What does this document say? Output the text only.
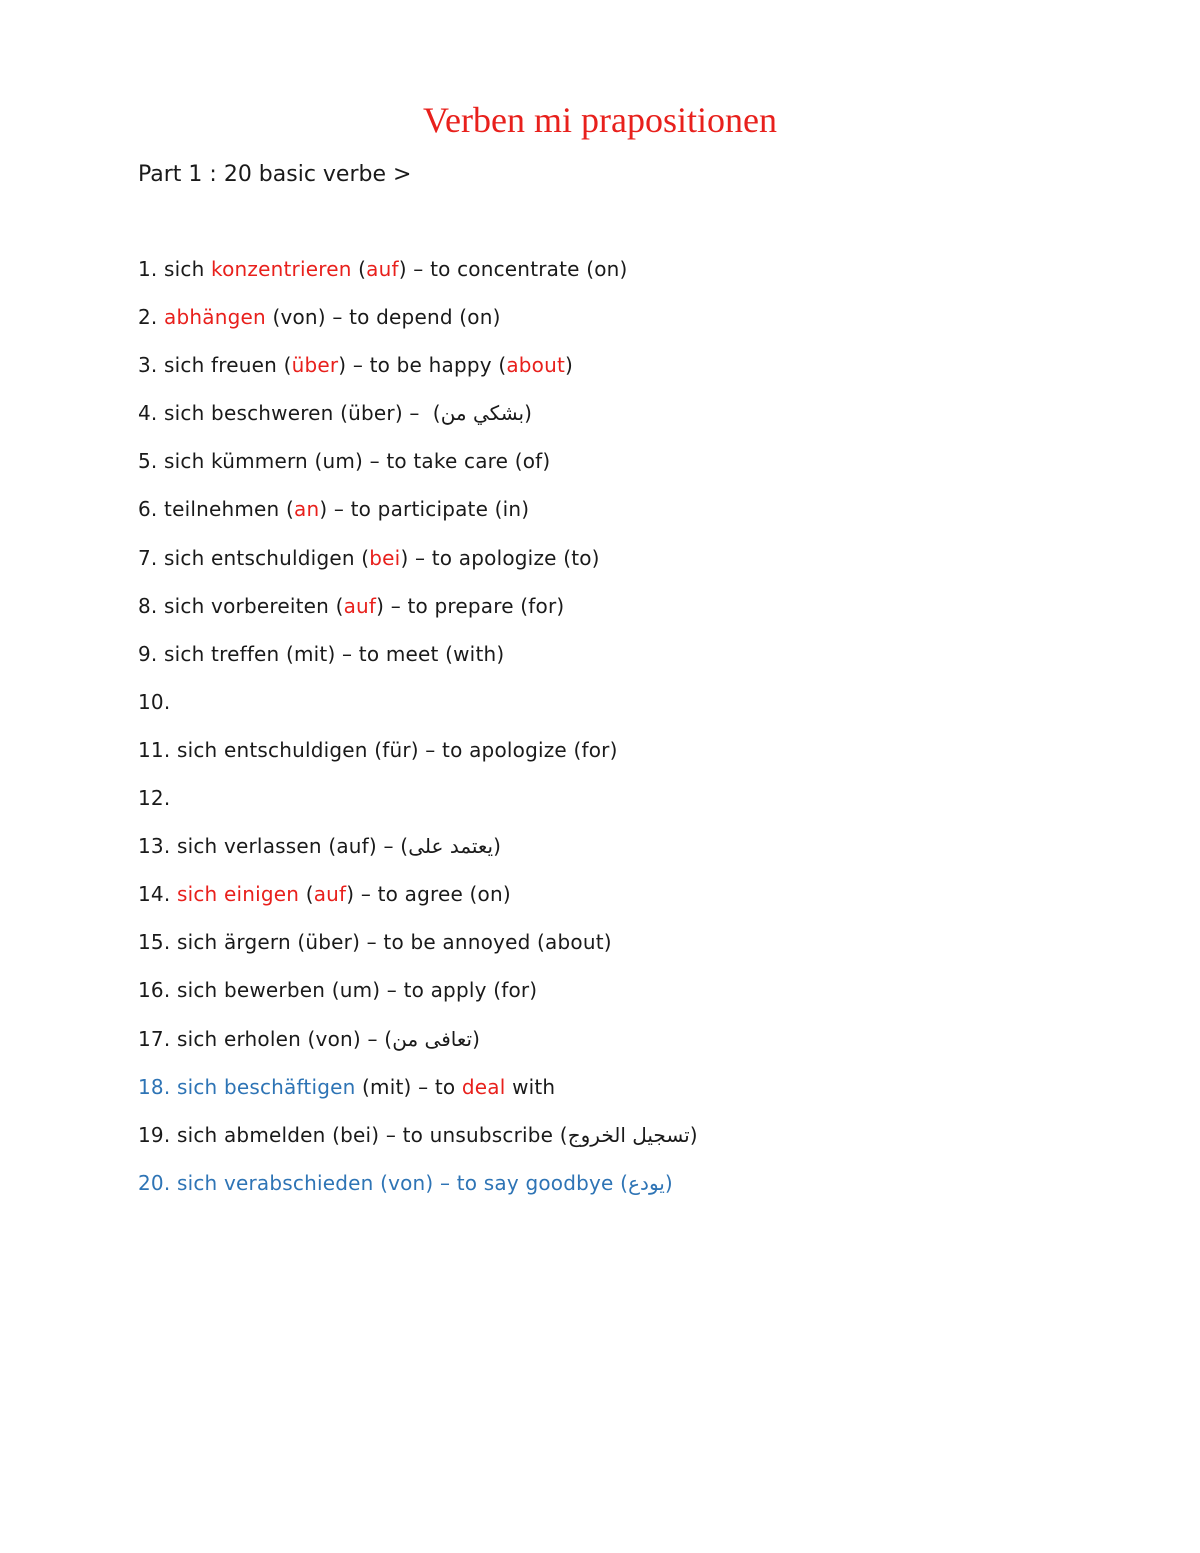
Verben mi prapositionen
Part 1 : 20 basic verbe >
1. sich konzentrieren (auf) – to concentrate (on)
2. abhängen (von) – to depend (on)
3. sich freuen (über) – to be happy (about)
4. sich beschweren (über) –  (‫بشكي من‬)
5. sich kümmern (um) – to take care (of)
6. teilnehmen (an) – to participate (in)
7. sich entschuldigen (bei) – to apologize (to)
8. sich vorbereiten (auf) – to prepare (for)
9. sich treffen (mit) – to meet (with)
10.
11. sich entschuldigen (für) – to apologize (for)
12.
13. sich verlassen (auf) – (‫يعتمد على‬)
14. sich einigen (auf) – to agree (on)
15. sich ärgern (über) – to be annoyed (about)
16. sich bewerben (um) – to apply (for)
17. sich erholen (von) – (‫تعافى من‬)
18. sich beschäftigen (mit) – to deal with
19. sich abmelden (bei) – to unsubscribe (‫تسجيل الخروج‬)
20. sich verabschieden (von) – to say goodbye (‫يودع‬)
